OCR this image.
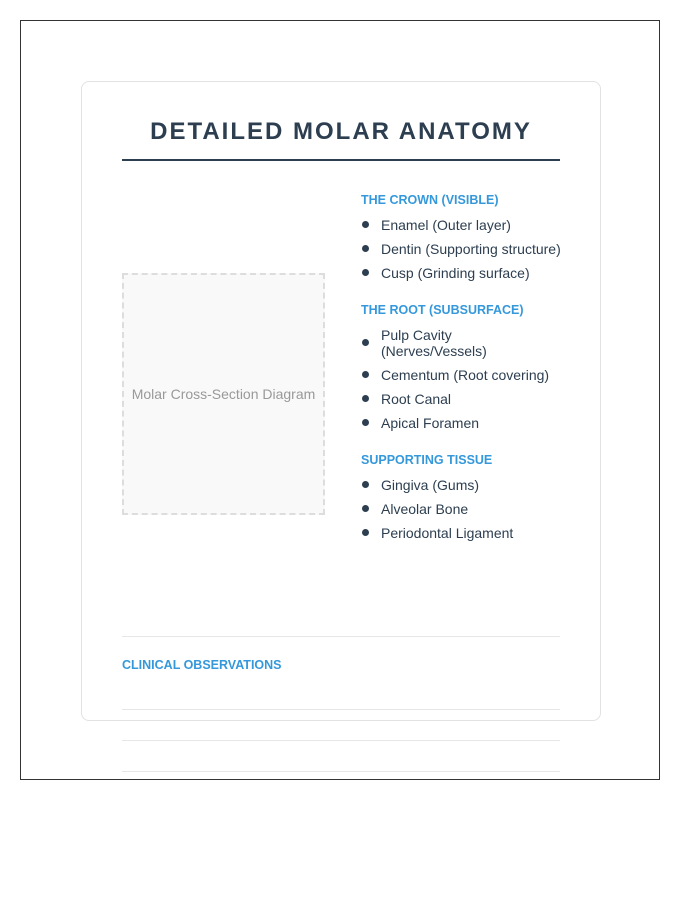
DETAILED MOLAR ANATOMY
Molar Cross-Section Diagram
THE CROWN (VISIBLE)
Enamel (Outer layer)
Dentin (Supporting structure)
Cusp (Grinding surface)
THE ROOT (SUBSURFACE)
Pulp Cavity (Nerves/Vessels)
Cementum (Root covering)
Root Canal
Apical Foramen
SUPPORTING TISSUE
Gingiva (Gums)
Alveolar Bone
Periodontal Ligament
CLINICAL OBSERVATIONS
